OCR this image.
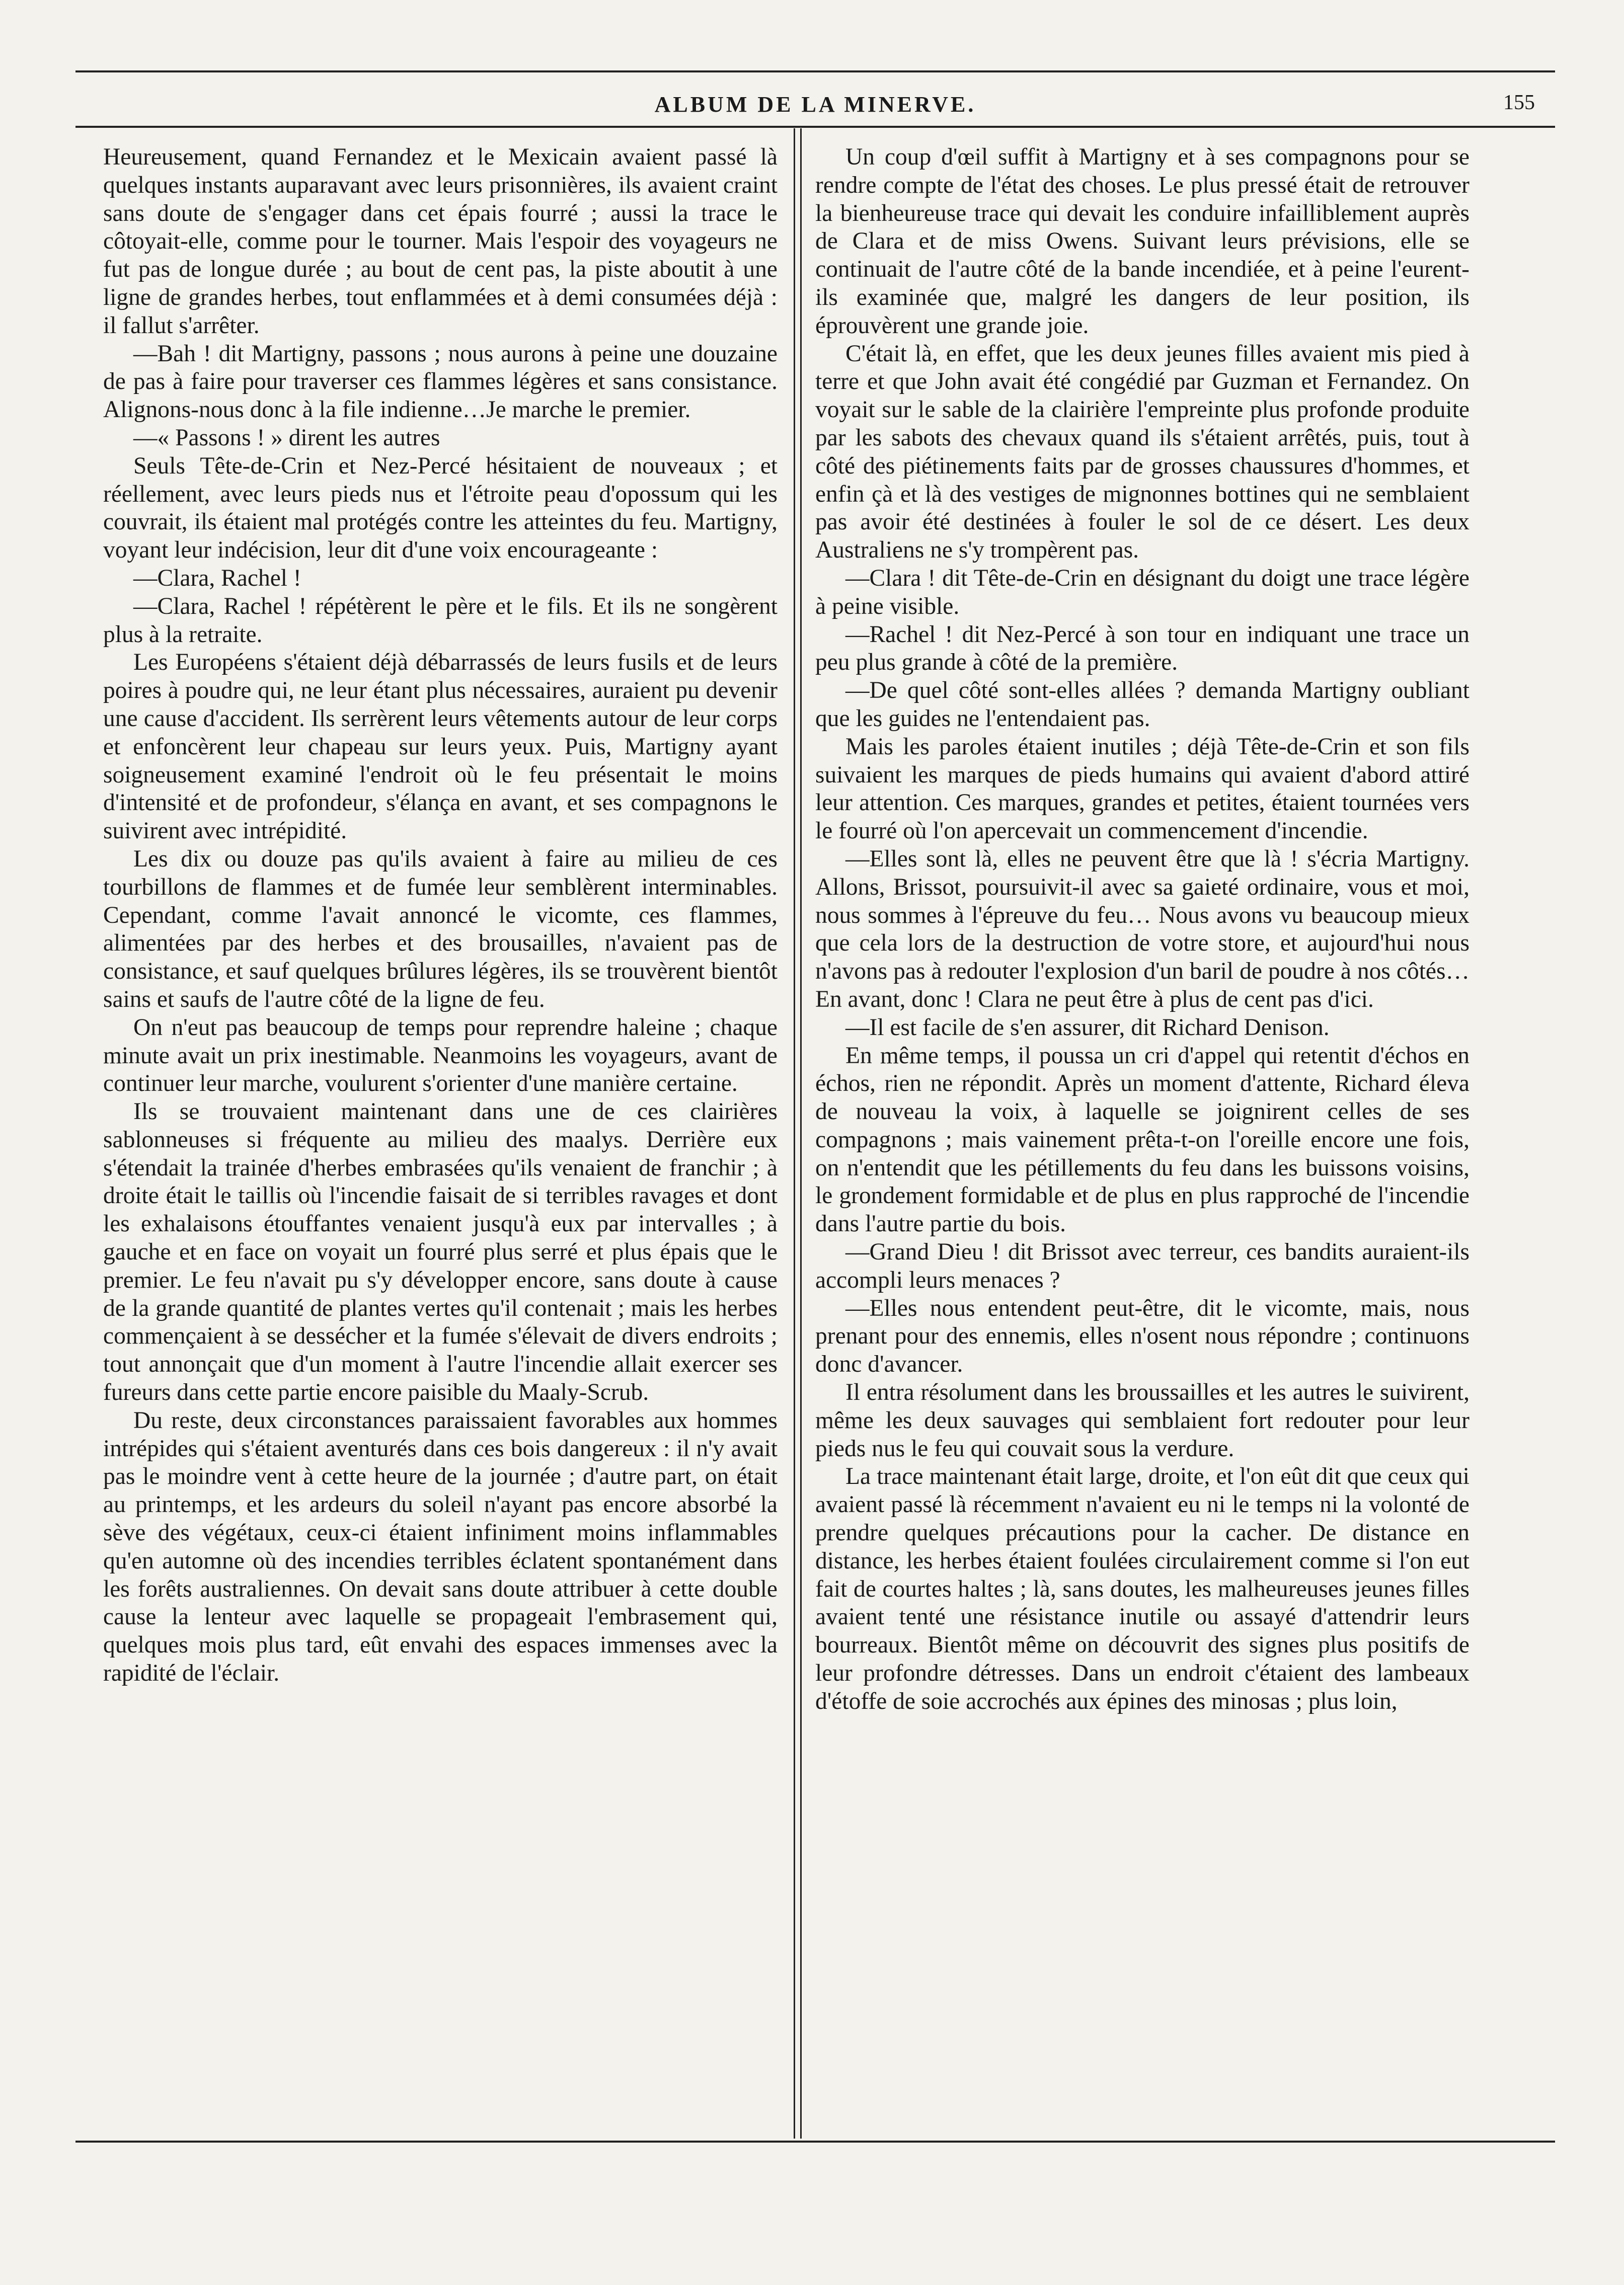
ALBUM DE LA MINERVE.	155

Heureusement, quand Fernandez et le Mexicain avaient passé là quelques instants auparavant avec leurs prisonnières, ils avaient craint sans doute de s'engager dans cet épais fourré ; aussi la trace le côtoyait-elle, comme pour le tourner. Mais l'espoir des voyageurs ne fut pas de longue durée ; au bout de cent pas, la piste aboutit à une ligne de grandes herbes, tout enflammées et à demi consumées déjà : il fallut s'arrêter.

—Bah ! dit Martigny, passons ; nous aurons à peine une douzaine de pas à faire pour traverser ces flammes légères et sans consistance. Alignons-nous donc à la file indienne…Je marche le premier.

—« Passons ! » dirent les autres

Seuls Tête-de-Crin et Nez-Percé hésitaient de nouveaux ; et réellement, avec leurs pieds nus et l'étroite peau d'opossum qui les couvrait, ils étaient mal protégés contre les atteintes du feu. Martigny, voyant leur indécision, leur dit d'une voix encourageante :

—Clara, Rachel !

—Clara, Rachel ! répétèrent le père et le fils. Et ils ne songèrent plus à la retraite.

Les Européens s'étaient déjà débarrassés de leurs fusils et de leurs poires à poudre qui, ne leur étant plus nécessaires, auraient pu devenir une cause d'accident. Ils serrèrent leurs vêtements autour de leur corps et enfoncèrent leur chapeau sur leurs yeux. Puis, Martigny ayant soigneusement examiné l'endroit où le feu présentait le moins d'intensité et de profondeur, s'élança en avant, et ses compagnons le suivirent avec intrépidité.

Les dix ou douze pas qu'ils avaient à faire au milieu de ces tourbillons de flammes et de fumée leur semblèrent interminables. Cependant, comme l'avait annoncé le vicomte, ces flammes, alimentées par des herbes et des brousailles, n'avaient pas de consistance, et sauf quelques brûlures légères, ils se trouvèrent bientôt sains et saufs de l'autre côté de la ligne de feu.

On n'eut pas beaucoup de temps pour reprendre haleine ; chaque minute avait un prix inestimable. Neanmoins les voyageurs, avant de continuer leur marche, voulurent s'orienter d'une manière certaine.

Ils se trouvaient maintenant dans une de ces clairières sablonneuses si fréquente au milieu des maalys. Derrière eux s'étendait la trainée d'herbes embrasées qu'ils venaient de franchir ; à droite était le taillis où l'incendie faisait de si terribles ravages et dont les exhalaisons étouffantes venaient jusqu'à eux par intervalles ; à gauche et en face on voyait un fourré plus serré et plus épais que le premier. Le feu n'avait pu s'y développer encore, sans doute à cause de la grande quantité de plantes vertes qu'il contenait ; mais les herbes commençaient à se dessécher et la fumée s'élevait de divers endroits ; tout annonçait que d'un moment à l'autre l'incendie allait exercer ses fureurs dans cette partie encore paisible du Maaly-Scrub.

Du reste, deux circonstances paraissaient favorables aux hommes intrépides qui s'étaient aventurés dans ces bois dangereux : il n'y avait pas le moindre vent à cette heure de la journée ; d'autre part, on était au printemps, et les ardeurs du soleil n'ayant pas encore absorbé la sève des végétaux, ceux-ci étaient infiniment moins inflammables qu'en automne où des incendies terribles éclatent spontanément dans les forêts australiennes. On devait sans doute attribuer à cette double cause la lenteur avec laquelle se propageait l'embrasement qui, quelques mois plus tard, eût envahi des espaces immenses avec la rapidité de l'éclair.

Un coup d'œil suffit à Martigny et à ses compagnons pour se rendre compte de l'état des choses. Le plus pressé était de retrouver la bienheureuse trace qui devait les conduire infailliblement auprès de Clara et de miss Owens. Suivant leurs prévisions, elle se continuait de l'autre côté de la bande incendiée, et à peine l'eurent-ils examinée que, malgré les dangers de leur position, ils éprouvèrent une grande joie.

C'était là, en effet, que les deux jeunes filles avaient mis pied à terre et que John avait été congédié par Guzman et Fernandez. On voyait sur le sable de la clairière l'empreinte plus profonde produite par les sabots des chevaux quand ils s'étaient arrêtés, puis, tout à côté des piétinements faits par de grosses chaussures d'hommes, et enfin çà et là des vestiges de mignonnes bottines qui ne semblaient pas avoir été destinées à fouler le sol de ce désert. Les deux Australiens ne s'y trompèrent pas.

—Clara ! dit Tête-de-Crin en désignant du doigt une trace légère à peine visible.

—Rachel ! dit Nez-Percé à son tour en indiquant une trace un peu plus grande à côté de la première.

—De quel côté sont-elles allées ? demanda Martigny oubliant que les guides ne l'entendaient pas.

Mais les paroles étaient inutiles ; déjà Tête-de-Crin et son fils suivaient les marques de pieds humains qui avaient d'abord attiré leur attention. Ces marques, grandes et petites, étaient tournées vers le fourré où l'on apercevait un commencement d'incendie.

—Elles sont là, elles ne peuvent être que là ! s'écria Martigny. Allons, Brissot, poursuivit-il avec sa gaieté ordinaire, vous et moi, nous sommes à l'épreuve du feu… Nous avons vu beaucoup mieux que cela lors de la destruction de votre store, et aujourd'hui nous n'avons pas à redouter l'explosion d'un baril de poudre à nos côtés… En avant, donc ! Clara ne peut être à plus de cent pas d'ici.

—Il est facile de s'en assurer, dit Richard Denison.

En même temps, il poussa un cri d'appel qui retentit d'échos en échos, rien ne répondit. Après un moment d'attente, Richard éleva de nouveau la voix, à laquelle se joignirent celles de ses compagnons ; mais vainement prêta-t-on l'oreille encore une fois, on n'entendit que les pétillements du feu dans les buissons voisins, le grondement formidable et de plus en plus rapproché de l'incendie dans l'autre partie du bois.

—Grand Dieu ! dit Brissot avec terreur, ces bandits auraient-ils accompli leurs menaces ?

—Elles nous entendent peut-être, dit le vicomte, mais, nous prenant pour des ennemis, elles n'osent nous répondre ; continuons donc d'avancer.

Il entra résolument dans les broussailles et les autres le suivirent, même les deux sauvages qui semblaient fort redouter pour leur pieds nus le feu qui couvait sous la verdure.

La trace maintenant était large, droite, et l'on eût dit que ceux qui avaient passé là récemment n'avaient eu ni le temps ni la volonté de prendre quelques précautions pour la cacher. De distance en distance, les herbes étaient foulées circulairement comme si l'on eut fait de courtes haltes ; là, sans doutes, les malheureuses jeunes filles avaient tenté une résistance inutile ou assayé d'attendrir leurs bourreaux. Bientôt même on découvrit des signes plus positifs de leur profondre détresses. Dans un endroit c'étaient des lambeaux d'étoffe de soie accrochés aux épines des minosas ; plus loin,
